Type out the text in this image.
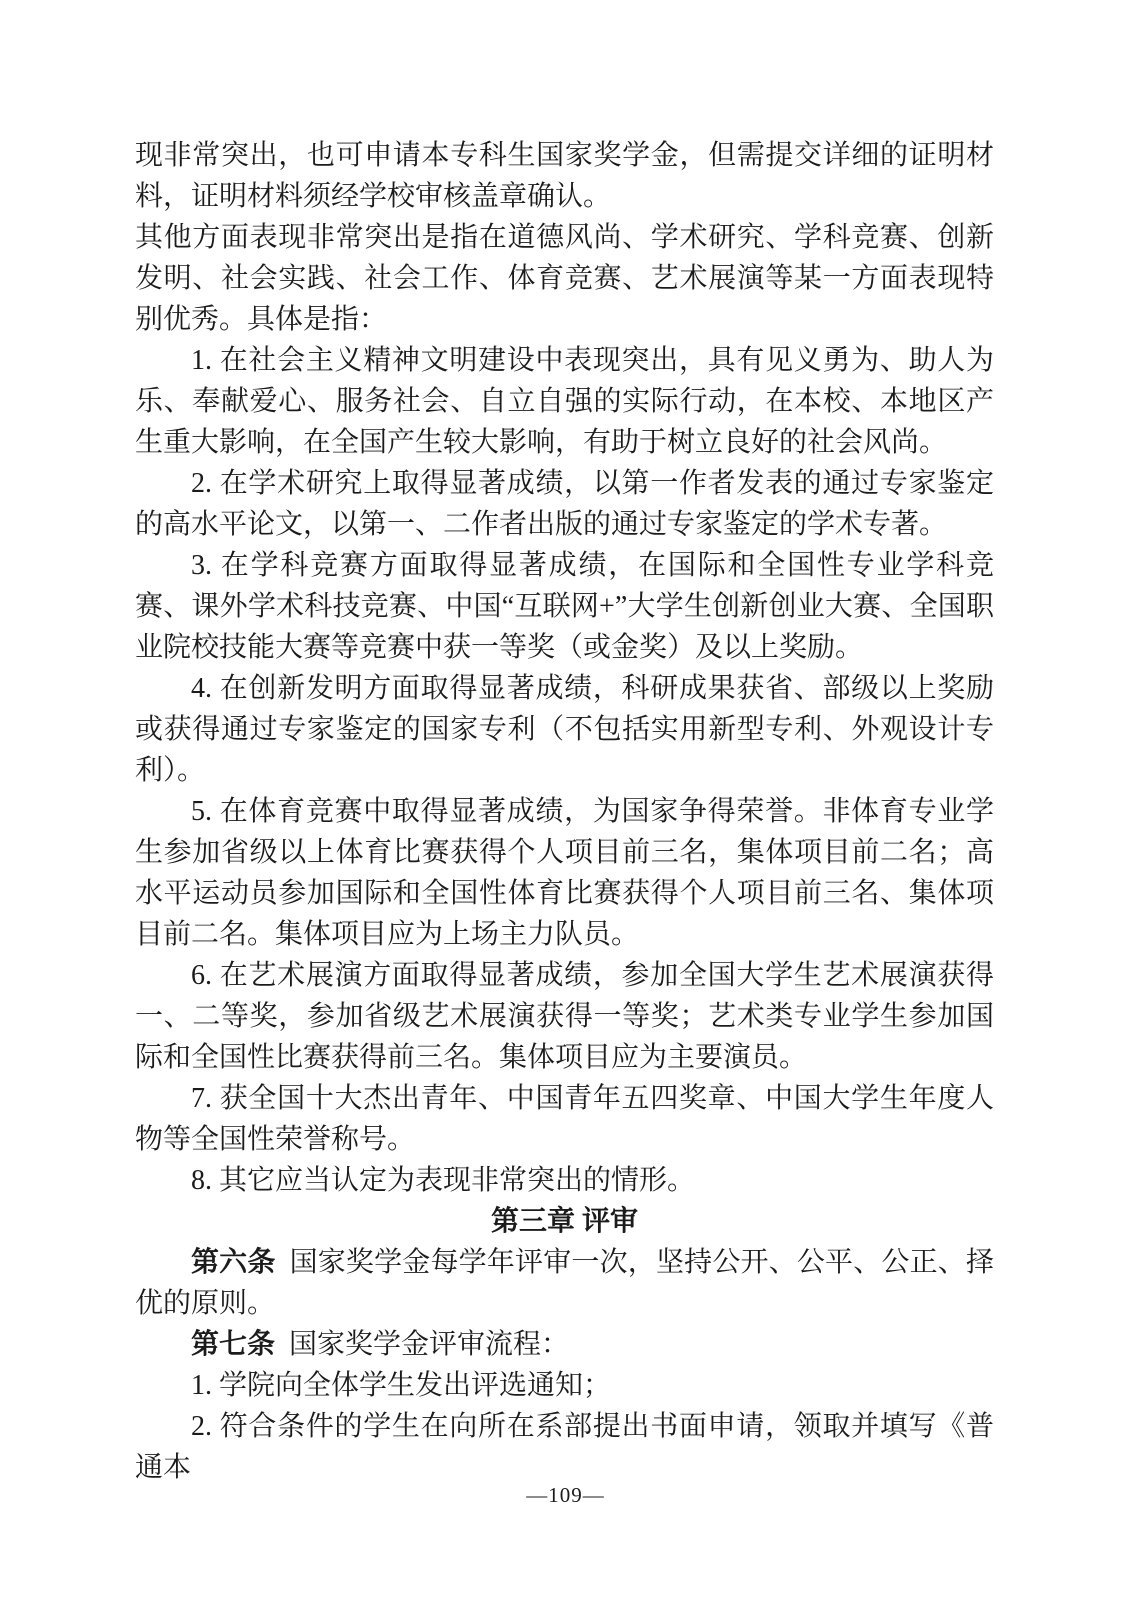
现非常突出，也可申请本专科生国家奖学金，但需提交详细的证明材料，证明材料须经学校审核盖章确认。

其他方面表现非常突出是指在道德风尚、学术研究、学科竞赛、创新发明、社会实践、社会工作、体育竞赛、艺术展演等某一方面表现特别优秀。具体是指：

1. 在社会主义精神文明建设中表现突出，具有见义勇为、助人为乐、奉献爱心、服务社会、自立自强的实际行动，在本校、本地区产生重大影响，在全国产生较大影响，有助于树立良好的社会风尚。

2. 在学术研究上取得显著成绩，以第一作者发表的通过专家鉴定的高水平论文，以第一、二作者出版的通过专家鉴定的学术专著。

3. 在学科竞赛方面取得显著成绩，在国际和全国性专业学科竞赛、课外学术科技竞赛、中国“互联网+”大学生创新创业大赛、全国职业院校技能大赛等竞赛中获一等奖（或金奖）及以上奖励。

4. 在创新发明方面取得显著成绩，科研成果获省、部级以上奖励或获得通过专家鉴定的国家专利（不包括实用新型专利、外观设计专利）。

5. 在体育竞赛中取得显著成绩，为国家争得荣誉。非体育专业学生参加省级以上体育比赛获得个人项目前三名，集体项目前二名；高水平运动员参加国际和全国性体育比赛获得个人项目前三名、集体项目前二名。集体项目应为上场主力队员。

6. 在艺术展演方面取得显著成绩，参加全国大学生艺术展演获得一、二等奖，参加省级艺术展演获得一等奖；艺术类专业学生参加国际和全国性比赛获得前三名。集体项目应为主要演员。

7. 获全国十大杰出青年、中国青年五四奖章、中国大学生年度人物等全国性荣誉称号。

8. 其它应当认定为表现非常突出的情形。

第三章 评审

第六条 国家奖学金每学年评审一次，坚持公开、公平、公正、择优的原则。

第七条 国家奖学金评审流程：

1. 学院向全体学生发出评选通知；

2. 符合条件的学生在向所在系部提出书面申请，领取并填写《普通本

—109—
